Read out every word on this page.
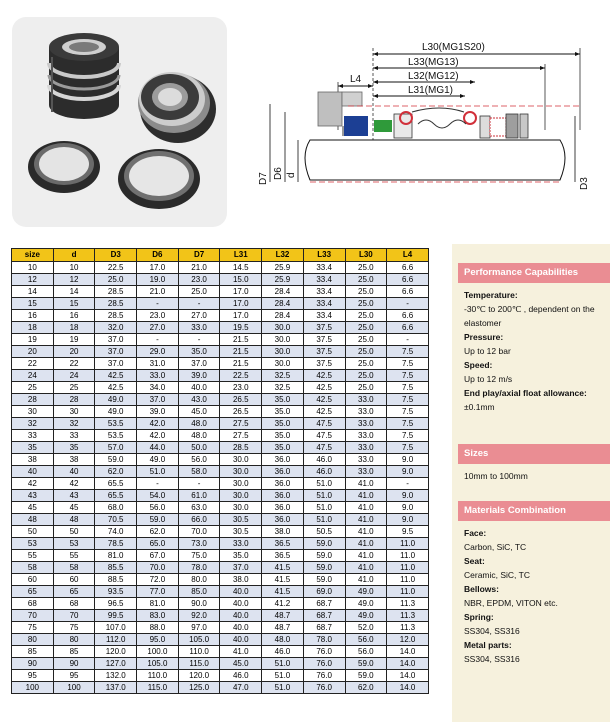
L30(MG1S20)
L33(MG13)
L4	L32(MG12)
L31(MG1)
D7 D6 d
D3
size	d	D3	D6	D7	L31	L32	L33	L30	L4
10	10	22.5	17.0	21.0	14.5	25.9	33.4	25.0	6.6
12	12	25.0	19.0	23.0	15.0	25.9	33.4	25.0	6.6
14	14	28.5	21.0	25.0	17.0	28.4	33.4	25.0	6.6
15	15	28.5	-	-	17.0	28.4	33.4	25.0	-
16	16	28.5	23.0	27.0	17.0	28.4	33.4	25.0	6.6
18	18	32.0	27.0	33.0	19.5	30.0	37.5	25.0	6.6
19	19	37.0	-	-	21.5	30.0	37.5	25.0	-
20	20	37.0	29.0	35.0	21.5	30.0	37.5	25.0	7.5
22	22	37.0	31.0	37.0	21.5	30.0	37.5	25.0	7.5
24	24	42.5	33.0	39.0	22.5	32.5	42.5	25.0	7.5
25	25	42.5	34.0	40.0	23.0	32.5	42.5	25.0	7.5
28	28	49.0	37.0	43.0	26.5	35.0	42.5	33.0	7.5
30	30	49.0	39.0	45.0	26.5	35.0	42.5	33.0	7.5
32	32	53.5	42.0	48.0	27.5	35.0	47.5	33.0	7.5
33	33	53.5	42.0	48.0	27.5	35.0	47.5	33.0	7.5
35	35	57.0	44.0	50.0	28.5	35.0	47.5	33.0	7.5
38	38	59.0	49.0	56.0	30.0	36.0	46.0	33.0	9.0
40	40	62.0	51.0	58.0	30.0	36.0	46.0	33.0	9.0
42	42	65.5	-	-	30.0	36.0	51.0	41.0	-
43	43	65.5	54.0	61.0	30.0	36.0	51.0	41.0	9.0
45	45	68.0	56.0	63.0	30.0	36.0	51.0	41.0	9.0
48	48	70.5	59.0	66.0	30.5	36.0	51.0	41.0	9.0
50	50	74.0	62.0	70.0	30.5	38.0	50.5	41.0	9.5
53	53	78.5	65.0	73.0	33.0	36.5	59.0	41.0	11.0
55	55	81.0	67.0	75.0	35.0	36.5	59.0	41.0	11.0
58	58	85.5	70.0	78.0	37.0	41.5	59.0	41.0	11.0
60	60	88.5	72.0	80.0	38.0	41.5	59.0	41.0	11.0
65	65	93.5	77.0	85.0	40.0	41.5	69.0	49.0	11.0
68	68	96.5	81.0	90.0	40.0	41.2	68.7	49.0	11.3
70	70	99.5	83.0	92.0	40.0	48.7	68.7	49.0	11.3
75	75	107.0	88.0	97.0	40.0	48.7	68.7	52.0	11.3
80	80	112.0	95.0	105.0	40.0	48.0	78.0	56.0	12.0
85	85	120.0	100.0	110.0	41.0	46.0	76.0	56.0	14.0
90	90	127.0	105.0	115.0	45.0	51.0	76.0	59.0	14.0
95	95	132.0	110.0	120.0	46.0	51.0	76.0	59.0	14.0
100	100	137.0	115.0	125.0	47.0	51.0	76.0	62.0	14.0
Performance Capabilities
Temperature:
-30℃ to 200℃ , dependent on the elastomer
Pressure:
Up to 12 bar
Speed:
Up to 12 m/s
End play/axial float allowance:
±0.1mm
Sizes
10mm to 100mm
Materials Combination
Face:
Carbon, SiC, TC
Seat:
Ceramic, SiC, TC
Bellows:
NBR, EPDM, VITON etc.
Spring:
SS304, SS316
Metal parts:
SS304, SS316
